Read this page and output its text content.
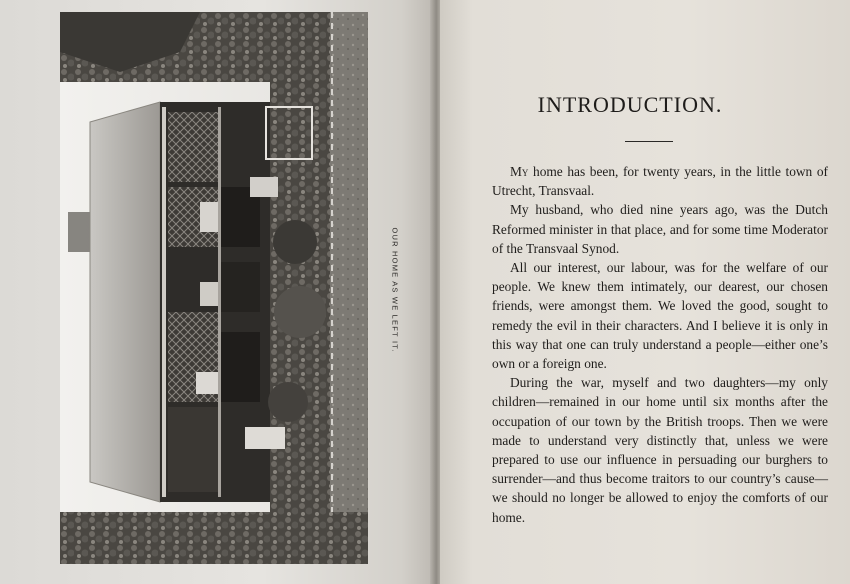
OUR HOME AS WE LEFT IT.
INTRODUCTION.

My home has been, for twenty years, in the little town of Utrecht, Transvaal.

My husband, who died nine years ago, was the Dutch Reformed minister in that place, and for some time Moderator of the Transvaal Synod.

All our interest, our labour, was for the welfare of our people. We knew them intimately, our dearest, our chosen friends, were amongst them. We loved the good, sought to remedy the evil in their characters. And I believe it is only in this way that one can truly understand a people—either one’s own or a foreign one.

During the war, myself and two daughters—my only children—remained in our home until six months after the occupation of our town by the British troops. Then we were made to understand very distinctly that, unless we were prepared to use our influence in persuading our burghers to surrender—and thus become traitors to our country’s cause—we should no longer be allowed to enjoy the comforts of our home.
